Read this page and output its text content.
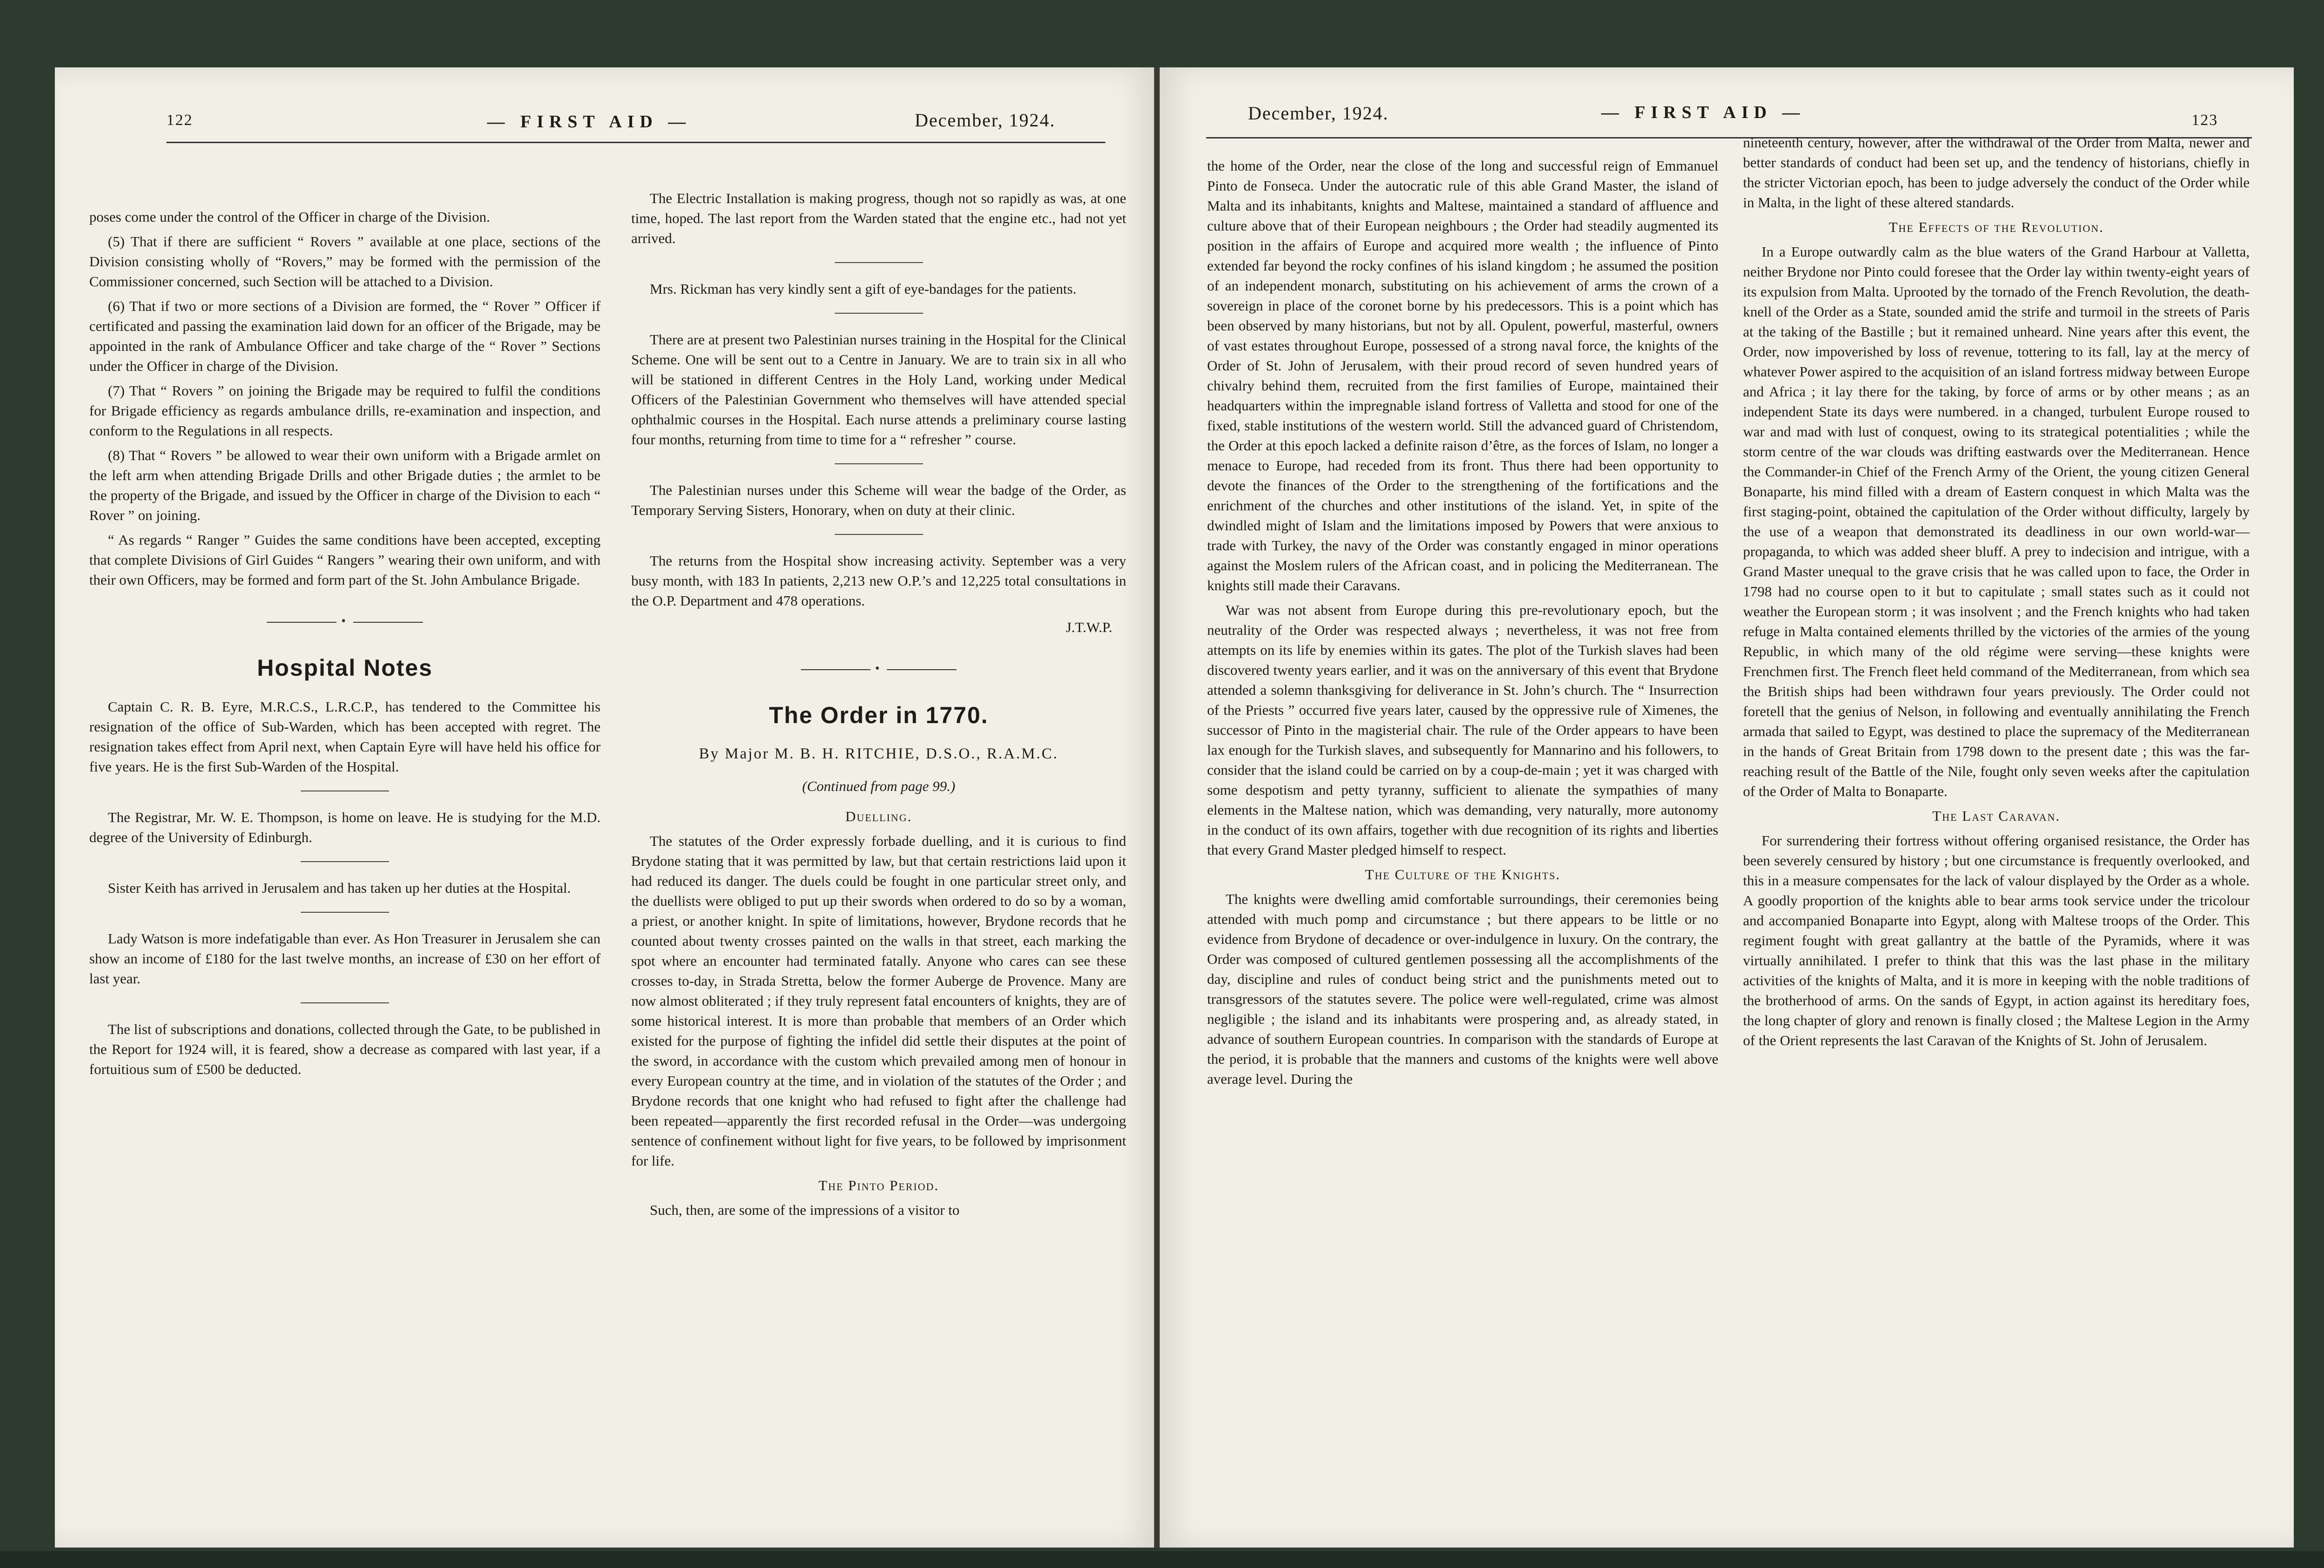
122	— FIRST AID —	December, 1924.

poses come under the control of the Officer in charge of the Division.

(5) That if there are sufficient “ Rovers ” available at one place, sections of the Division consisting wholly of “Rovers,” may be formed with the permission of the Commissioner concerned, such Section will be attached to a Division.

(6) That if two or more sections of a Division are formed, the “ Rover ” Officer if certificated and passing the examination laid down for an officer of the Brigade, may be appointed in the rank of Ambulance Officer and take charge of the “ Rover ” Sections under the Officer in charge of the Division.

(7) That “ Rovers ” on joining the Brigade may be required to fulfil the conditions for Brigade efficiency as regards ambulance drills, re-examination and inspection, and conform to the Regulations in all respects.

(8) That “ Rovers ” be allowed to wear their own uniform with a Brigade armlet on the left arm when attending Brigade Drills and other Brigade duties ; the armlet to be the property of the Brigade, and issued by the Officer in charge of the Division to each “ Rover ” on joining.

“ As regards “ Ranger ” Guides the same conditions have been accepted, excepting that complete Divisions of Girl Guides “ Rangers ” wearing their own uniform, and with their own Officers, may be formed and form part of the St. John Ambulance Brigade.

•
Hospital Notes

Captain C. R. B. Eyre, M.R.C.S., L.R.C.P., has tendered to the Committee his resignation of the office of Sub-Warden, which has been accepted with regret. The resignation takes effect from April next, when Captain Eyre will have held his office for five years. He is the first Sub-Warden of the Hospital.

The Registrar, Mr. W. E. Thompson, is home on leave. He is studying for the M.D. degree of the University of Edinburgh.

Sister Keith has arrived in Jerusalem and has taken up her duties at the Hospital.

Lady Watson is more indefatigable than ever. As Hon Treasurer in Jerusalem she can show an income of £180 for the last twelve months, an increase of £30 on her effort of last year.

The list of subscriptions and donations, collected through the Gate, to be published in the Report for 1924 will, it is feared, show a decrease as compared with last year, if a fortuitious sum of £500 be deducted.

The Electric Installation is making progress, though not so rapidly as was, at one time, hoped. The last report from the Warden stated that the engine etc., had not yet arrived.

Mrs. Rickman has very kindly sent a gift of eye-bandages for the patients.

There are at present two Palestinian nurses training in the Hospital for the Clinical Scheme. One will be sent out to a Centre in January. We are to train six in all who will be stationed in different Centres in the Holy Land, working under Medical Officers of the Palestinian Government who themselves will have attended special ophthalmic courses in the Hospital. Each nurse attends a preliminary course lasting four months, returning from time to time for a “ refresher ” course.

The Palestinian nurses under this Scheme will wear the badge of the Order, as Temporary Serving Sisters, Honorary, when on duty at their clinic.

The returns from the Hospital show increasing activity. September was a very busy month, with 183 In patients, 2,213 new O.P.’s and 12,225 total consultations in the O.P. Department and 478 operations.

J.T.W.P.
•
The Order in 1770.
By Major M. B. H. RITCHIE, D.S.O., R.A.M.C.
(Continued from page 99.)
Duelling.

The statutes of the Order expressly forbade duelling, and it is curious to find Brydone stating that it was permitted by law, but that certain restrictions laid upon it had reduced its danger. The duels could be fought in one particular street only, and the duellists were obliged to put up their swords when ordered to do so by a woman, a priest, or another knight. In spite of limitations, however, Brydone records that he counted about twenty crosses painted on the walls in that street, each marking the spot where an encounter had terminated fatally. Anyone who cares can see these crosses to-day, in Strada Stretta, below the former Auberge de Provence. Many are now almost obliterated ; if they truly represent fatal encounters of knights, they are of some historical interest. It is more than probable that members of an Order which existed for the purpose of fighting the infidel did settle their disputes at the point of the sword, in accordance with the custom which prevailed among men of honour in every European country at the time, and in violation of the statutes of the Order ; and Brydone records that one knight who had refused to fight after the challenge had been repeated—apparently the first recorded refusal in the Order—was undergoing sentence of confinement without light for five years, to be followed by imprisonment for life.

The Pinto Period.

Such, then, are some of the impressions of a visitor to

December, 1924.	— FIRST AID —	123

the home of the Order, near the close of the long and successful reign of Emmanuel Pinto de Fonseca. Under the autocratic rule of this able Grand Master, the island of Malta and its inhabitants, knights and Maltese, maintained a standard of affluence and culture above that of their European neighbours ; the Order had steadily augmented its position in the affairs of Europe and acquired more wealth ; the influence of Pinto extended far beyond the rocky confines of his island kingdom ; he assumed the position of an independent monarch, substituting on his achievement of arms the crown of a sovereign in place of the coronet borne by his predecessors. This is a point which has been observed by many historians, but not by all. Opulent, powerful, masterful, owners of vast estates throughout Europe, possessed of a strong naval force, the knights of the Order of St. John of Jerusalem, with their proud record of seven hundred years of chivalry behind them, recruited from the first families of Europe, maintained their headquarters within the impregnable island fortress of Valletta and stood for one of the fixed, stable institutions of the western world. Still the advanced guard of Christendom, the Order at this epoch lacked a definite raison d’être, as the forces of Islam, no longer a menace to Europe, had receded from its front. Thus there had been opportunity to devote the finances of the Order to the strengthening of the fortifications and the enrichment of the churches and other institutions of the island. Yet, in spite of the dwindled might of Islam and the limitations imposed by Powers that were anxious to trade with Turkey, the navy of the Order was constantly engaged in minor operations against the Moslem rulers of the African coast, and in policing the Mediterranean. The knights still made their Caravans.

War was not absent from Europe during this pre-revolutionary epoch, but the neutrality of the Order was respected always ; nevertheless, it was not free from attempts on its life by enemies within its gates. The plot of the Turkish slaves had been discovered twenty years earlier, and it was on the anniversary of this event that Brydone attended a solemn thanksgiving for deliverance in St. John’s church. The “ Insurrection of the Priests ” occurred five years later, caused by the oppressive rule of Ximenes, the successor of Pinto in the magisterial chair. The rule of the Order appears to have been lax enough for the Turkish slaves, and subsequently for Mannarino and his followers, to consider that the island could be carried on by a coup-de-main ; yet it was charged with some despotism and petty tyranny, sufficient to alienate the sympathies of many elements in the Maltese nation, which was demanding, very naturally, more autonomy in the conduct of its own affairs, together with due recognition of its rights and liberties that every Grand Master pledged himself to respect.

The Culture of the Knights.

The knights were dwelling amid comfortable surroundings, their ceremonies being attended with much pomp and circumstance ; but there appears to be little or no evidence from Brydone of decadence or over-indulgence in luxury. On the contrary, the Order was composed of cultured gentlemen possessing all the accomplishments of the day, discipline and rules of conduct being strict and the punishments meted out to transgressors of the statutes severe. The police were well-regulated, crime was almost negligible ; the island and its inhabitants were prospering and, as already stated, in advance of southern European countries. In comparison with the standards of Europe at the period, it is probable that the manners and customs of the knights were well above average level. During the

nineteenth century, however, after the withdrawal of the Order from Malta, newer and better standards of conduct had been set up, and the tendency of historians, chiefly in the stricter Victorian epoch, has been to judge adversely the conduct of the Order while in Malta, in the light of these altered standards.

The Effects of the Revolution.

In a Europe outwardly calm as the blue waters of the Grand Harbour at Valletta, neither Brydone nor Pinto could foresee that the Order lay within twenty-eight years of its expulsion from Malta. Uprooted by the tornado of the French Revolution, the death-knell of the Order as a State, sounded amid the strife and turmoil in the streets of Paris at the taking of the Bastille ; but it remained unheard. Nine years after this event, the Order, now impoverished by loss of revenue, tottering to its fall, lay at the mercy of whatever Power aspired to the acquisition of an island fortress midway between Europe and Africa ; it lay there for the taking, by force of arms or by other means ; as an independent State its days were numbered. in a changed, turbulent Europe roused to war and mad with lust of conquest, owing to its strategical potentialities ; while the storm centre of the war clouds was drifting eastwards over the Mediterranean. Hence the Commander-in Chief of the French Army of the Orient, the young citizen General Bonaparte, his mind filled with a dream of Eastern conquest in which Malta was the first staging-point, obtained the capitulation of the Order without difficulty, largely by the use of a weapon that demonstrated its deadliness in our own world-war—propaganda, to which was added sheer bluff. A prey to indecision and intrigue, with a Grand Master unequal to the grave crisis that he was called upon to face, the Order in 1798 had no course open to it but to capitulate ; small states such as it could not weather the European storm ; it was insolvent ; and the French knights who had taken refuge in Malta contained elements thrilled by the victories of the armies of the young Republic, in which many of the old régime were serving—these knights were Frenchmen first. The French fleet held command of the Mediterranean, from which sea the British ships had been withdrawn four years previously. The Order could not foretell that the genius of Nelson, in following and eventually annihilating the French armada that sailed to Egypt, was destined to place the supremacy of the Mediterranean in the hands of Great Britain from 1798 down to the present date ; this was the far-reaching result of the Battle of the Nile, fought only seven weeks after the capitulation of the Order of Malta to Bonaparte.

The Last Caravan.

For surrendering their fortress without offering organised resistance, the Order has been severely censured by history ; but one circumstance is frequently overlooked, and this in a measure compensates for the lack of valour displayed by the Order as a whole. A goodly proportion of the knights able to bear arms took service under the tricolour and accompanied Bonaparte into Egypt, along with Maltese troops of the Order. This regiment fought with great gallantry at the battle of the Pyramids, where it was virtually annihilated. I prefer to think that this was the last phase in the military activities of the knights of Malta, and it is more in keeping with the noble traditions of the brotherhood of arms. On the sands of Egypt, in action against its hereditary foes, the long chapter of glory and renown is finally closed ; the Maltese Legion in the Army of the Orient represents the last Caravan of the Knights of St. John of Jerusalem.
